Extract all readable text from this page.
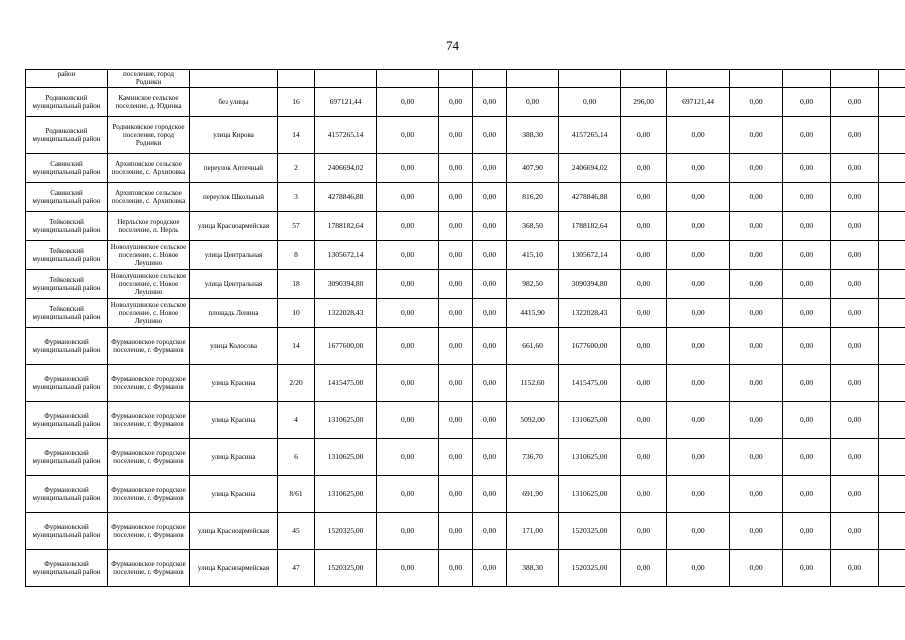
74
район	поселение, город Родники														
Родниковский муниципальный район	Каминское сельское поселение, д. Юдинка	без улицы	16	697121,44	0,00	0,00	0,00	0,00	0,00	296,00	697121,44	0,00	0,00	0,00	
Родниковский муниципальный район	Родниковское городское поселение, город Родники	улица Кирова	14	4157265,14	0,00	0,00	0,00	388,30	4157265,14	0,00	0,00	0,00	0,00	0,00	
Савинский муниципальный район	Архиповское сельское поселение, с. Архиповка	переулок Аптечный	2	2406694,02	0,00	0,00	0,00	407,90	2406694,02	0,00	0,00	0,00	0,00	0,00	
Савинский муниципальный район	Архиповское сельское поселение, с. Архиповка	переулок Школьный	3	4278846,88	0,00	0,00	0,00	816,20	4278846,88	0,00	0,00	0,00	0,00	0,00	
Тейковский муниципальный район	Нерльское городское поселение, п. Нерль	улица Красноармейская	57	1788182,64	0,00	0,00	0,00	368,50	1788182,64	0,00	0,00	0,00	0,00	0,00	
Тейковский муниципальный район	Новолушинское сельское поселение, с. Новое Леушино	улица Центральная	8	1305672,14	0,00	0,00	0,00	415,10	1305672,14	0,00	0,00	0,00	0,00	0,00	
Тейковский муниципальный район	Новолушинское сельское поселение, с. Новое Леушино	улица Центральная	18	3090394,80	0,00	0,00	0,00	982,50	3090394,80	0,00	0,00	0,00	0,00	0,00	
Тейковский муниципальный район	Новолушинское сельское поселение, с. Новое Леушино	площадь Ленина	10	1322028,43	0,00	0,00	0,00	4415,90	1322028,43	0,00	0,00	0,00	0,00	0,00	
Фурмановский муниципальный район	Фурмановское городское поселение, г. Фурманов	улица Колосова	14	1677600,00	0,00	0,00	0,00	661,60	1677600,00	0,00	0,00	0,00	0,00	0,00	
Фурмановский муниципальный район	Фурмановское городское поселение, г. Фурманов	улица Красина	2/20	1415475,00	0,00	0,00	0,00	1152,60	1415475,00	0,00	0,00	0,00	0,00	0,00	
Фурмановский муниципальный район	Фурмановское городское поселение, г. Фурманов	улица Красина	4	1310625,00	0,00	0,00	0,00	5092,00	1310625,00	0,00	0,00	0,00	0,00	0,00	
Фурмановский муниципальный район	Фурмановское городское поселение, г. Фурманов	улица Красина	6	1310625,00	0,00	0,00	0,00	736,70	1310625,00	0,00	0,00	0,00	0,00	0,00	
Фурмановский муниципальный район	Фурмановское городское поселение, г. Фурманов	улица Красина	8/61	1310625,00	0,00	0,00	0,00	691,90	1310625,00	0,00	0,00	0,00	0,00	0,00	
Фурмановский муниципальный район	Фурмановское городское поселение, г. Фурманов	улица Красноармейская	45	1520325,00	0,00	0,00	0,00	171,00	1520325,00	0,00	0,00	0,00	0,00	0,00	
Фурмановский муниципальный район	Фурмановское городское поселение, г. Фурманов	улица Красноармейская	47	1520325,00	0,00	0,00	0,00	388,30	1520325,00	0,00	0,00	0,00	0,00	0,00	
